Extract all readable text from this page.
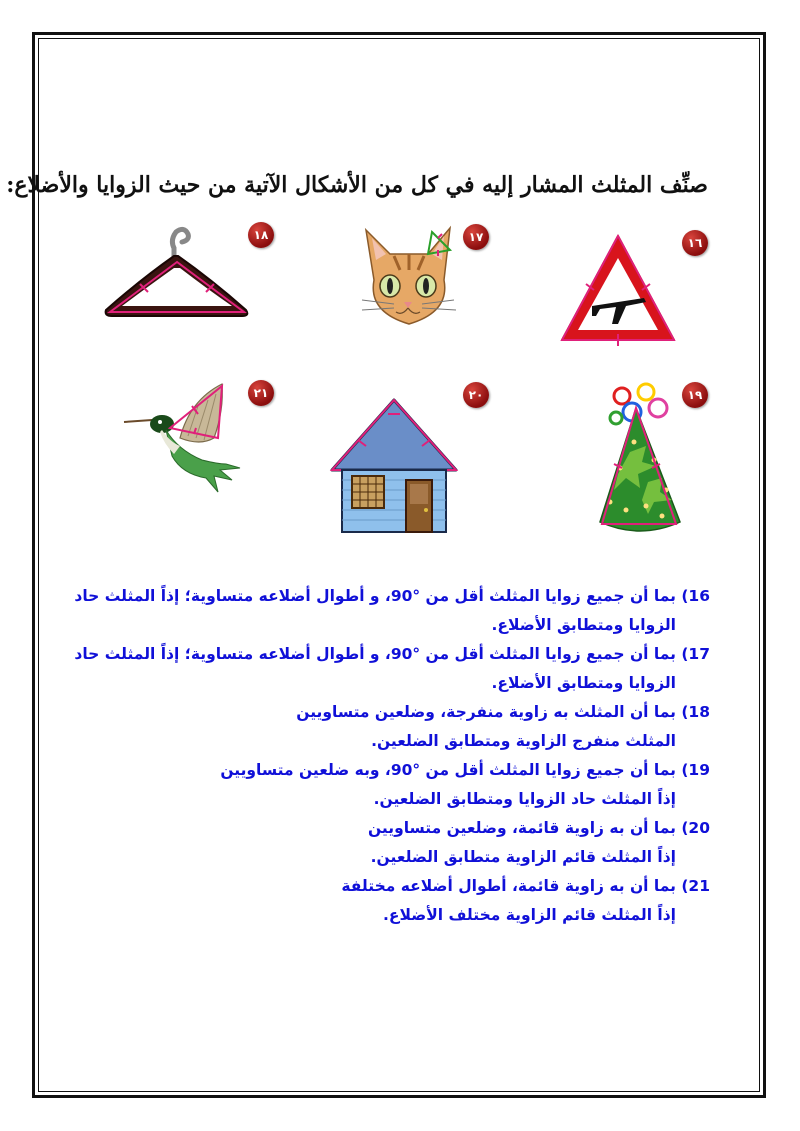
صنِّف المثلث المشار إليه في كل من الأشكال الآتية من حيث الزوايا والأضلاع:
١٦
١٧
١٨
١٩
٢٠
٢١
16) بما أن جميع زوايا المثلث أقل من °90، و أطوال أضلاعه متساوية؛ إذاً المثلث حاد
الزوايا ومتطابق الأضلاع.
17) بما أن جميع زوايا المثلث أقل من °90، و أطوال أضلاعه متساوية؛ إذاً المثلث حاد
الزوايا ومتطابق الأضلاع.
18) بما أن المثلث به زاوية منفرجة، وضلعين متساويين
المثلث منفرج الزاوية ومتطابق الضلعين.
19) بما أن جميع زوايا المثلث أقل من °90، وبه ضلعين متساويين
إذاً المثلث حاد الزوايا ومتطابق الضلعين.
20) بما أن به زاوية قائمة، وضلعين متساويين
إذاً المثلث قائم الزاوية متطابق الضلعين.
21) بما أن به زاوية قائمة، أطوال أضلاعه مختلفة
إذاً المثلث قائم الزاوية مختلف الأضلاع.
